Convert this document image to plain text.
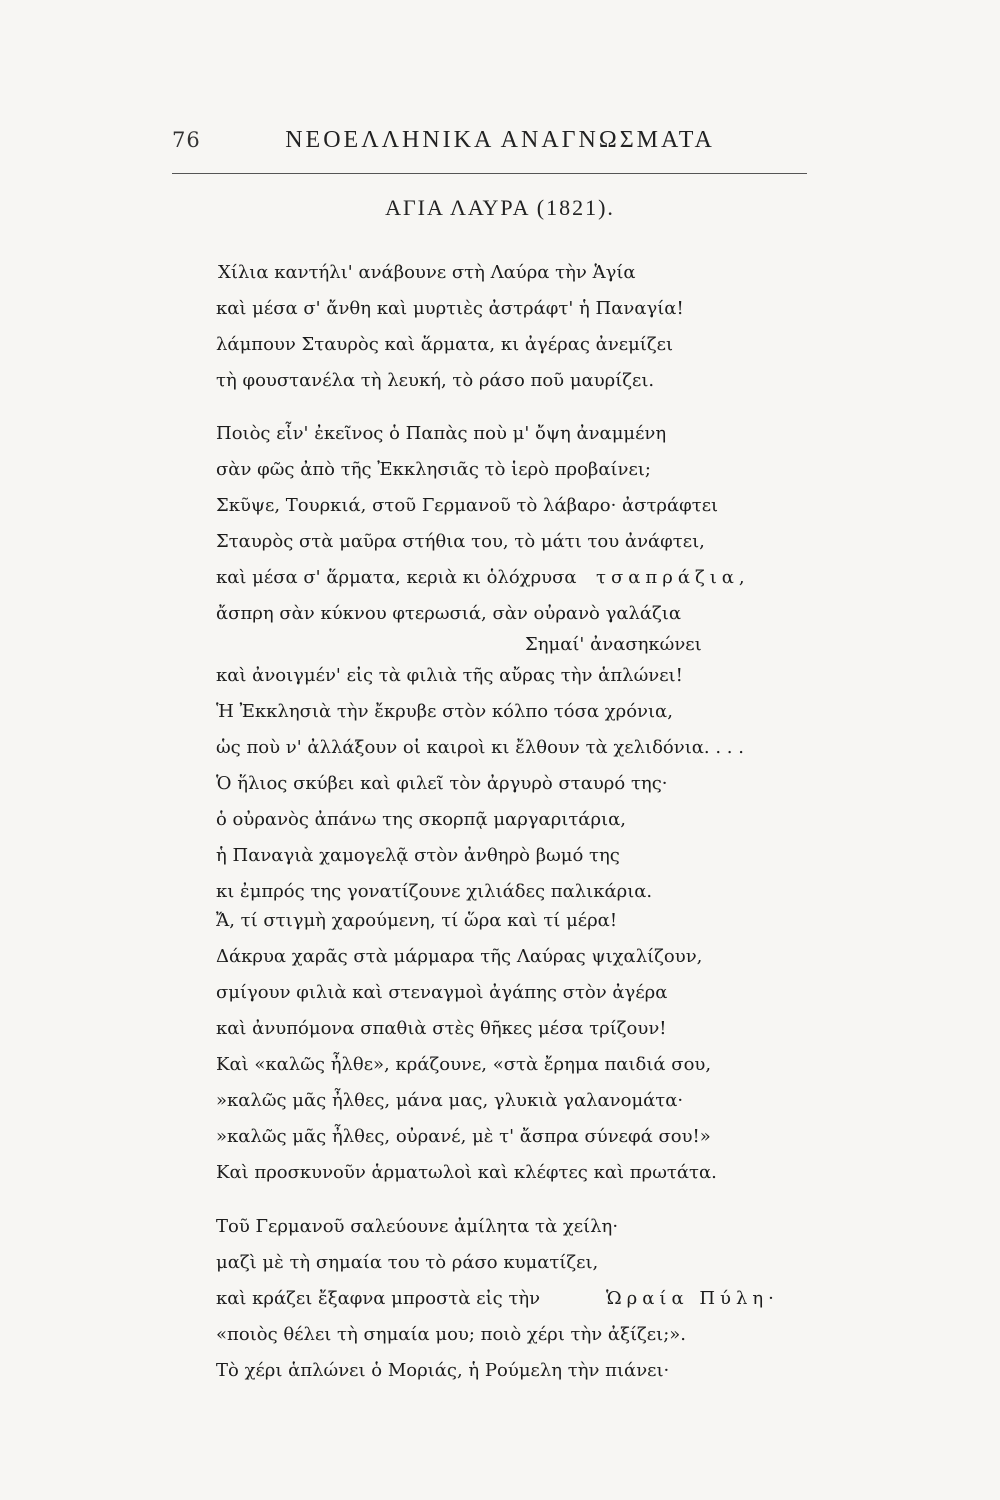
76	ΝΕΟΕΛΛΗΝΙΚΑ ΑΝΑΓΝΩΣΜΑΤΑ
ΑΓΙΑ ΛΑΥΡΑ (1821).
Χίλια καντήλι' ανάβουνε στὴ Λαύρα τὴν Ἁγία
καὶ μέσα σ' ἄνθη καὶ μυρτιὲς ἀστράφτ' ἡ Παναγία!
λάμπουν Σταυρὸς καὶ ἅρματα, κι ἀγέρας ἀνεμίζει
τὴ φουστανέλα τὴ λευκή, τὸ ράσο ποῦ μαυρίζει.
Ποιὸς εἶν' ἐκεῖνος ὁ Παπὰς ποὺ μ' ὄψη ἀναμμένη
σὰν φῶς ἀπὸ τῆς Ἐκκλησιᾶς τὸ ἱερὸ προβαίνει;
Σκῦψε, Τουρκιά, στοῦ Γερμανοῦ τὸ λάβαρο· ἀστράφτει
Σταυρὸς στὰ μαῦρα στήθια του, τὸ μάτι του ἀνάφτει,
καὶ μέσα σ' ἅρματα, κεριὰ κι ὁλόχρυσα τσαπράζια,
ἄσπρη σὰν κύκνου φτερωσιά, σὰν οὐρανὸ γαλάζια
Σημαί' ἀνασηκώνει
καὶ ἀνοιγμέν' εἰς τὰ φιλιὰ τῆς αὔρας τὴν ἁπλώνει!
Ἡ Ἐκκλησιὰ τὴν ἔκρυβε στὸν κόλπο τόσα χρόνια,
ὡς ποὺ ν' ἀλλάξουν οἱ καιροὶ κι ἔλθουν τὰ χελιδόνια. . . .
Ὁ ἥλιος σκύβει καὶ φιλεῖ τὸν ἀργυρὸ σταυρό της·
ὁ οὐρανὸς ἀπάνω της σκορπᾷ μαργαριτάρια,
ἡ Παναγιὰ χαμογελᾷ στὸν ἀνθηρὸ βωμό της
κι ἐμπρός της γονατίζουνε χιλιάδες παλικάρια.
Ἄ, τί στιγμὴ χαρούμενη, τί ὥρα καὶ τί μέρα!
Δάκρυα χαρᾶς στὰ μάρμαρα τῆς Λαύρας ψιχαλίζουν,
σμίγουν φιλιὰ καὶ στεναγμοὶ ἀγάπης στὸν ἀγέρα
καὶ ἀνυπόμονα σπαθιὰ στὲς θῆκες μέσα τρίζουν!
Καὶ «καλῶς ἦλθε», κράζουνε, «στὰ ἔρημα παιδιά σου,
»καλῶς μᾶς ἦλθες, μάνα μας, γλυκιὰ γαλανομάτα·
»καλῶς μᾶς ἦλθες, οὐρανέ, μὲ τ' ἄσπρα σύνεφά σου!»
Καὶ προσκυνοῦν ἁρματωλοὶ καὶ κλέφτες καὶ πρωτάτα.
Τοῦ Γερμανοῦ σαλεύουνε ἀμίλητα τὰ χείλη·
μαζὶ μὲ τὴ σημαία του τὸ ράσο κυματίζει,
καὶ κράζει ἔξαφνα μπροστὰ εἰς τὴν	Ὡραία Πύλη·
«ποιὸς θέλει τὴ σημαία μου; ποιὸ χέρι τὴν ἀξίζει;».
Τὸ χέρι ἁπλώνει ὁ Μοριάς, ἡ Ρούμελη τὴν πιάνει·
